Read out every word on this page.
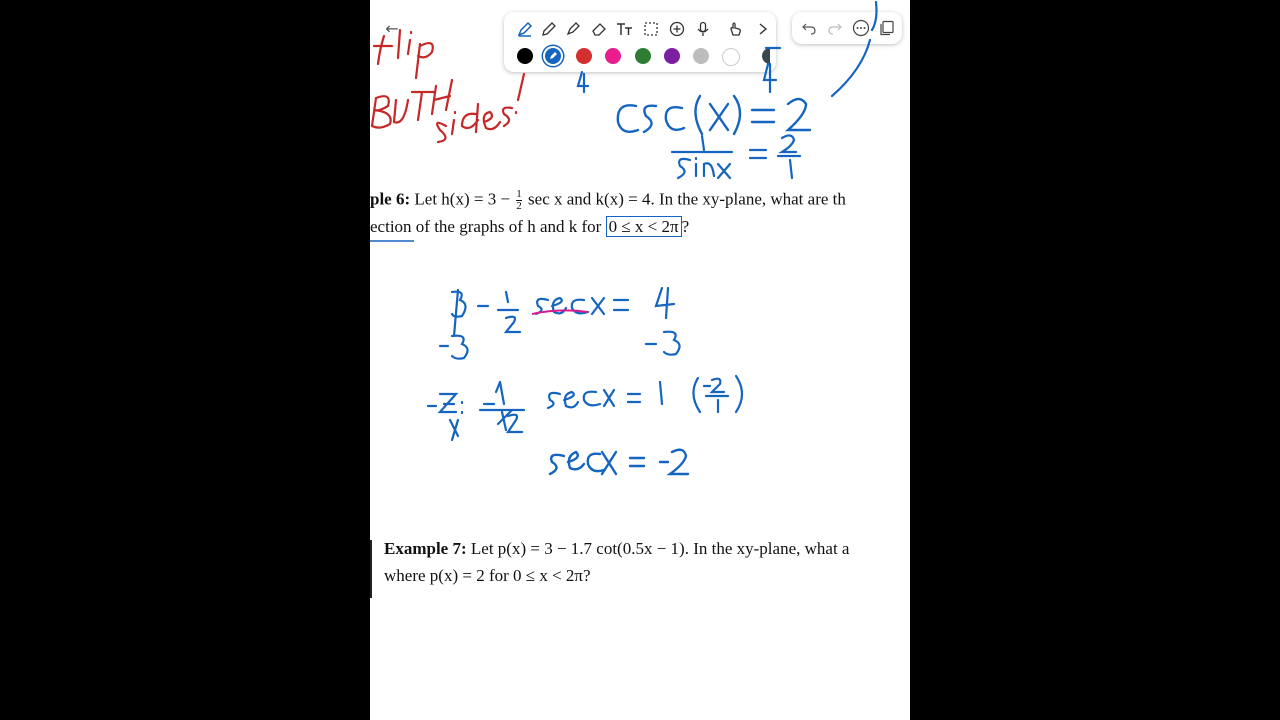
←
ple 6: Let $h(x) = 3 - \frac{1}{2}$ sec x and k(x) = 4. In the xy-plane, what are th
ection of the graphs of h and k for 0 ≤ x < 2π ?
Example 7: Let p(x) = 3 − 1.7 cot(0.5x − 1). In the xy-plane, what a
where p(x) = 2 for 0 ≤ x < 2π?
